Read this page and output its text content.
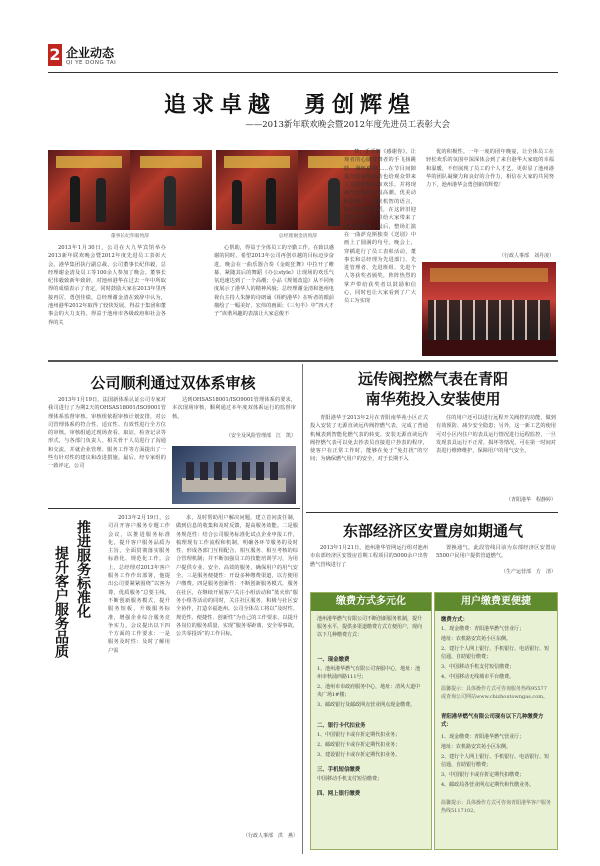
2 企业动态
QI YE DONG TAI
追求卓越　勇创辉煌
——2013新年联欢晚会暨2012年度先进员工表彰大会
董事长纪伟毅致辞	总经理谢金清致辞

2013年1月30日，公司在大九华宾馆举办2013新年联欢晚会暨2012年度先进员工表彰大会。港华集团执行副总裁、公司董事长纪伟毅，总经理谢金清及员工等100余人参加了晚会。董事长纪伟毅致新年致辞，对池州港华在过去一年中所取得的成绩表示了肯定，同时鼓励大家在2013年里再接再厉，勇创佳绩。总经理谢金清在致辞中认为，池州港华2012年取得了较快发展，得益于集团和董事会的大力支持，得益于池州市各级政府和社会各界的关

心帮助，得益于全体员工的辛勤工作。在致以感谢的同时，希望2013年公司再创卓越的目标迈步奋进。晚会在一曲乐器合奏《金蛇狂舞》中拉开了帷幕，紧随其后的舞蹈《办公style》让现场的欢乐气氛迅速达到了一个高潮；小品《规划改造》从不同角度展示了港华人的精神风貌；总经理谢金清和池州电视台主持人朱静的诗朗诵《相约港华》在听者的眼前描绘了一幅美好、宏伟的画面；《三句半》中“四大才子”诙谐风趣的表演让大家忍俊不

禁；手语舞《感谢你》，让观者的心随着舞者的手飞扬跳跃，满怀感恩……在节目间隙进行的抽奖活动也给观众带来了无限的惊喜和欢乐，并将现场气氛推向了最高潮。优美动听的歌声，幽默机智的语言，时尚青春的舞蹈，在这辞旧迎新的美好日子里给大家带来了欢乐和感动，最后，整场汇演在一曲萨克斯独奏《送别》中画上了圆满的句号。晚会上，穿插进行了员工表彰活动，董事长和总经理为先进部门、先进管理者、先进班组、先进个人等获奖者颁奖，阵阵热烈的掌声带给获奖者以鼓励和信心，同时也让大家看到了广大员工为实现

优的积极性。一年一度的团年晚宴，让全体员工在轻松欢乐的氛围中深深体会到了来自港华大家庭的幸福和温暖，不但展现了员工的个人才艺，更彰显了池州港华的团队凝聚力和良好的合作力，相信在大家的共同努力下，池州港华会勇创新的辉煌！

（行政人事部　刘丹凌）
公司顺利通过双体系审核

2013年1月19日，法国新体系认证公司专家对我司进行了为期2天的OHSAS18001/ISO9001管理体系监督审核。审核组依据审核计划安排，对公司管理体系的符合性、适宜性、有效性进行全方位的审核。审核组通过现场查看、取证，检查记录等形式，与各部门负责人、相关骨干人员进行了沟通和交流，并就企业管理、服务工作等方面提出了一些有针对性的建议和改进措施。最后，经专家组的一致评定，公司

达到OHSAS18001/ISO9001管理体系的要求，本次现场审核，顺利通过本年度双体系运行的监督审核。

（安全及风险管理部　江　凯）
推进服务标准化
提升客户服务品质

2013年2月19日，公司召开客户服务专题工作会议，以推进服务标准化，提升客户服务品质为主旨，全面贯彻落实服务标准化、规范化工作。会上，总经理对2013年客户服务工作作出部署，他提出公司要紧紧围绕“以客为尊，优质服务”总要主线，不断创新服务模式，提升服务短板，升级服务标准，增强企业综合服务竞争实力。会议提出以下四个方面的工作要求：一是服务及时性：及时了解用户需

求，及时帮助用户解决问题，建立首问责任制，做到信息的收集和及时反馈，提高服务效能。二是服务规范性：结合公司服务标准化试点企业申报工作，梳理现有工作流程和机制，明确各环节服务的及时性，形成各部门互相配合、相互服务、相互考核的综合管理机制；并不断加强员工的技能培训学习，为用户提供专业、安全、高效的服务，确保用户的用气安全。三是服务便捷性：开设多种缴费渠道，以方便用户缴费。四是服务创新性：不断创新服务模式，服务在社区，在继续开展客户关注小组活动和“蓝火焰”服务小组等活动的同时，关注社区服务，积极与社区安全协作，打造幸福池州。公司全体员工将以“及时性、规范性、便捷性、创新性”为自己的工作要求，以提升各岗位的服务质量，实现“服务零距离，安全零事故，公共零投诉”的工作目标。

（行政人事部　洪　燕）
远传阀控燃气表在青阳
南华苑投入安装使用

青阳港华于2013年2月在青阳南华苑小区正式投入安装了无源直读远传阀控燃气表，完成了普通机械表到智能化燃气表的转变。安装无源直读远传阀控燃气表可以免去抄表员直接进户抄表的程序，使客户在正常工作时，能够在免于“免打扰”的空间；为确保燃气用户的安全，对于长期不入

住的用户还可以进行远程开关阀控的功能，做到有效预防、减少安全隐患；另外，这一新工艺的使用可对小区内住户的表具运行情况进行远程监控，一旦发现表具运行不正常，损坏等情况，可在第一时间对表进行维修维护，保障用户的用气安全。

（青阳港华　程静婷）
东部经济区安置房如期通气

2013年1月21日，池州港华管网运行组对池州市东部经济区安置房首期工程项目的5000余户出售燃气管线进行了

置换通气，此段管线目前为东部经济区安置房5500户民用户提供管道燃气。

（生产运营部　方　清）
缴费方式多元化
池州港华燃气有限公司不断创新服务机制，提升服务水平，提供多渠道缴费方式方便用户，现向以下几种缴费方式：
一、现金缴费
1、池州港华燃气有限公司客服中心，地址：池州市秋浦西路111号；
2、池州市市政府服务中心，地址：清风大道中央广场1#楼；
3、邮政银行及邮政网点营业网点现金缴费。
二、银行卡代扣业务
1、中国银行卡或存折定期代扣业务；
2、邮政银行卡或存折定期代扣业务；
3、建设银行卡或存折定期代扣业务。
三、手机短信缴费
中国移动手机支付短信缴费；
四、网上银行缴费
用户缴费更便捷
缴费方式：
1、现金缴费：青阳港华燃气营业厅；
地址：农机路安宾苑小区东侧。
2、建行个人网上银行、手机银行、电话银行、短信通、自助银行缴费；
3、中国移动手机支付短信缴费；
4、中国移动无线城市平台缴费。
温馨提示：具体操作方式可咨询服务热线95577或查询公司网站www.chizhoutowngas.com。
青阳港华燃气有限公司现有以下几种缴费方式：
1、现金缴费：青阳港华燃气营业厅；
地址：农机路安宾苑小区东侧。
2、建行个人网上银行、手机银行、电话银行、短信通、自助银行缴费；
3、中国银行卡或存折定期代扣缴费；
4、邮政局各营业网点定期代和代缴业务。
温馨提示：具体操作方式可咨询青阳港华客户服务热线5117102。
